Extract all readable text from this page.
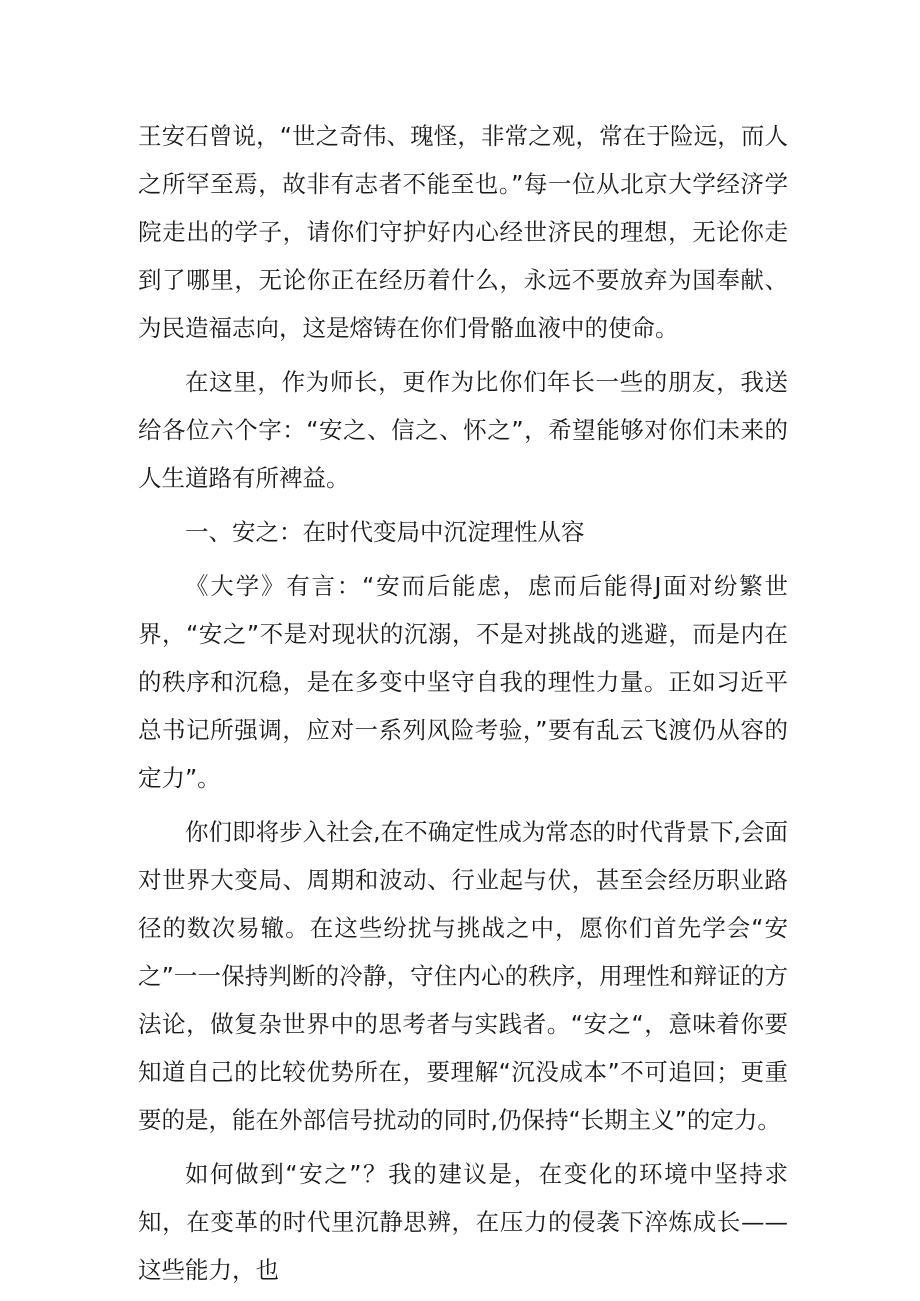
王安石曾说，“世之奇伟、瑰怪，非常之观，常在于险远，而人之所罕至焉，故非有志者不能至也。”每一位从北京大学经济学院走出的学子，请你们守护好内心经世济民的理想，无论你走到了哪里，无论你正在经历着什么，永远不要放弃为国奉献、为民造福志向，这是熔铸在你们骨骼血液中的使命。

在这里，作为师长，更作为比你们年长一些的朋友，我送给各位六个字：“安之、信之、怀之”，希望能够对你们未来的人生道路有所裨益。

一、安之：在时代变局中沉淀理性从容

《大学》有言：“安而后能虑，虑而后能得J面对纷繁世界，“安之”不是对现状的沉溺，不是对挑战的逃避，而是内在的秩序和沉稳，是在多变中坚守自我的理性力量。正如习近平总书记所强调，应对一系列风险考验，”要有乱云飞渡仍从容的定力”。

你们即将步入社会,在不确定性成为常态的时代背景下,会面对世界大变局、周期和波动、行业起与伏，甚至会经历职业路径的数次易辙。在这些纷扰与挑战之中，愿你们首先学会“安之”一一保持判断的冷静，守住内心的秩序，用理性和辩证的方法论，做复杂世界中的思考者与实践者。“安之“，意味着你要知道自己的比较优势所在，要理解“沉没成本”不可追回；更重要的是，能在外部信号扰动的同时,仍保持“长期主义”的定力。

如何做到“安之”？我的建议是，在变化的环境中坚持求知，在变革的时代里沉静思辨，在压力的侵袭下淬炼成长——这些能力，也
